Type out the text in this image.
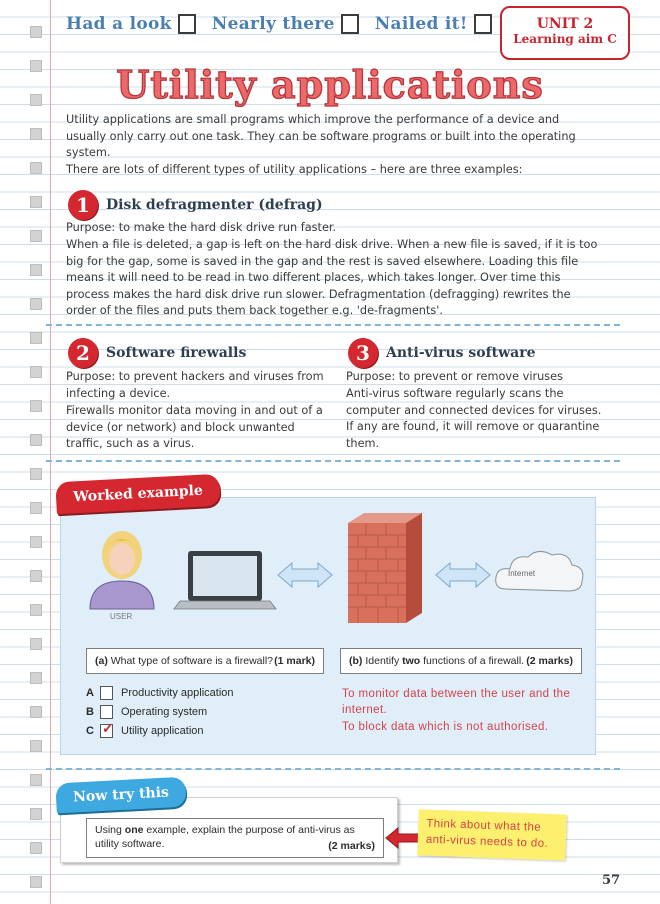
Had a look Nearly there Nailed it!	UNIT 2
Learning aim C
Utility applications
Utility applications are small programs which improve the performance of a device and usually only carry out one task. They can be software programs or built into the operating system.
There are lots of different types of utility applications – here are three examples:
1	Disk defragmenter (defrag)
Purpose: to make the hard disk drive run faster.
When a file is deleted, a gap is left on the hard disk drive. When a new file is saved, if it is too big for the gap, some is saved in the gap and the rest is saved elsewhere. Loading this file means it will need to be read in two different places, which takes longer. Over time this process makes the hard disk drive run slower. Defragmentation (defragging) rewrites the order of the files and puts them back together e.g. 'de-fragments'.
2	Software firewalls
Purpose: to prevent hackers and viruses from infecting a device.
Firewalls monitor data moving in and out of a device (or network) and block unwanted traffic, such as a virus.
3	Anti-virus software
Purpose: to prevent or remove viruses
Anti-virus software regularly scans the computer and connected devices for viruses. If any are found, it will remove or quarantine them.
Worked example
Internet
USER
(a)
What type of software is a firewall? (1 mark)	(b)
Identify
two
functions of a firewall. (2 marks)
A	Productivity application
B	Operating system
C ✓ Utility application
To monitor data between the user and the internet.
To block data which is not authorised.
Now try this
Using one example, explain the purpose of anti-virus as utility software.	(2 marks)
Think about what the anti-virus needs to do.
57
